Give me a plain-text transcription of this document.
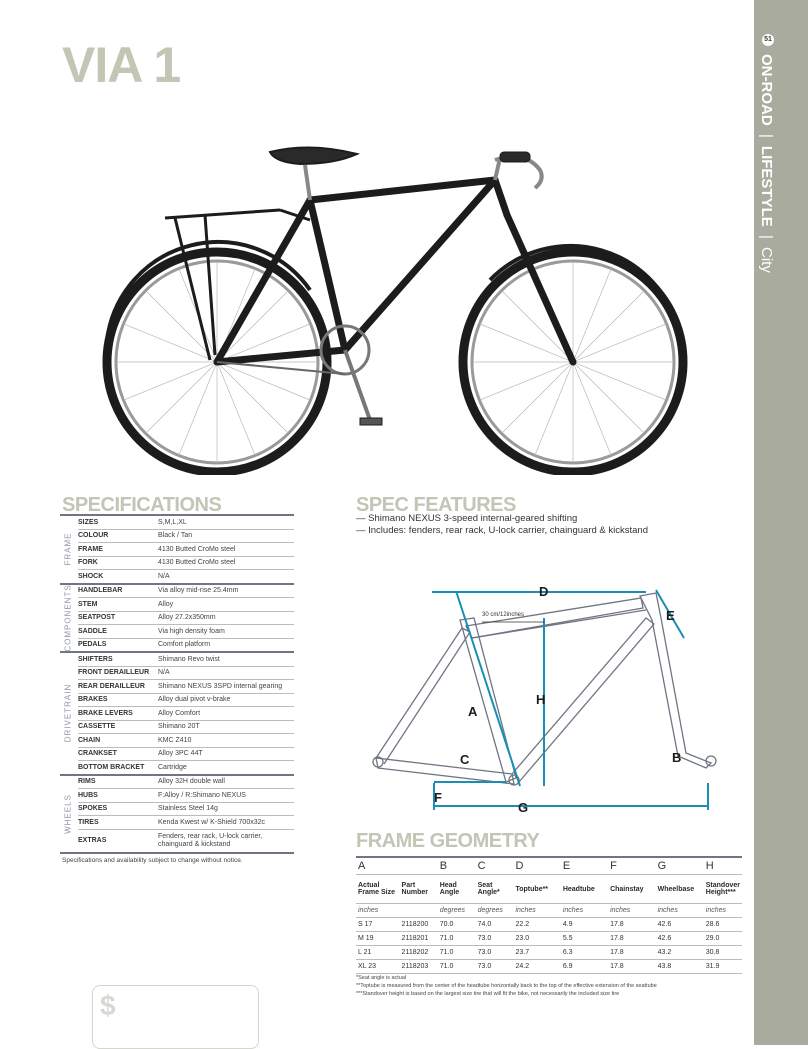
VIA 1	51
ON-ROAD | LIFESTYLE | City
SPECIFICATIONS
FRAME
SIZES	S,M,L,XL
COLOUR	Black / Tan
FRAME	4130 Butted CroMo steel
FORK	4130 Butted CroMo steel
SHOCK	N/A
COMPONENTS HANDLEBAR	Via alloy mid-rise 25.4mm
STEM	Alloy
SEATPOST	Alloy 27.2x350mm
SADDLE	Via high density foam
PEDALS	Comfort platform
DRIVETRAIN
SHIFTERS	Shimano Revo twist
FRONT DERAILLEUR	N/A
REAR DERAILLEUR	Shimano NEXUS 3SPD internal gearing
BRAKES	Alloy dual pivot v-brake
BRAKE LEVERS	Alloy Comfort
CASSETTE	Shimano 20T
CHAIN	KMC Z410
CRANKSET	Alloy 3PC 44T
BOTTOM BRACKET	Cartridge
WHEELS
RIMS	Alloy 32H double wall
HUBS	F:Alloy / R:Shimano NEXUS
SPOKES	Stainless Steel 14g
TIRES	Kenda Kwest w/ K-Shield 700x32c
EXTRAS
Fenders, rear rack, U-lock carrier, chainguard & kickstand
Specifications and availability subject to change without notice.
SPEC FEATURES
— Shimano NEXUS 3-speed internal-geared shifting
— Includes: fenders, rear rack, U-lock carrier, chainguard & kickstand
30 cm/12inches
A
B
C
D
E
F
G
H
FRAME GEOMETRY
A		B	C	D	E	F	G	H
Actual Frame Size	Part Number	Head Angle	Seat Angle*	Toptube**	Headtube	Chainstay	Wheelbase	Standover Height***
inches		degrees	degrees	inches	inches	inches	inches	inches
S 17	2118200	70.0	74.0	22.2	4.9	17.8	42.6	28.6
M 19	2118201	71.0	73.0	23.0	5.5	17.8	42.6	29.0
L 21	2118202	71.0	73.0	23.7	6.3	17.8	43.2	30.8
XL 23	2118203	71.0	73.0	24.2	6.9	17.8	43.8	31.9
*Seat angle is actual
**Toptube is measured from the center of the headtube horizontally back to the top of the effective extension of the seattube
***Standover height is based on the largest size tire that will fit the bike, not necessarily the included size tire
$
